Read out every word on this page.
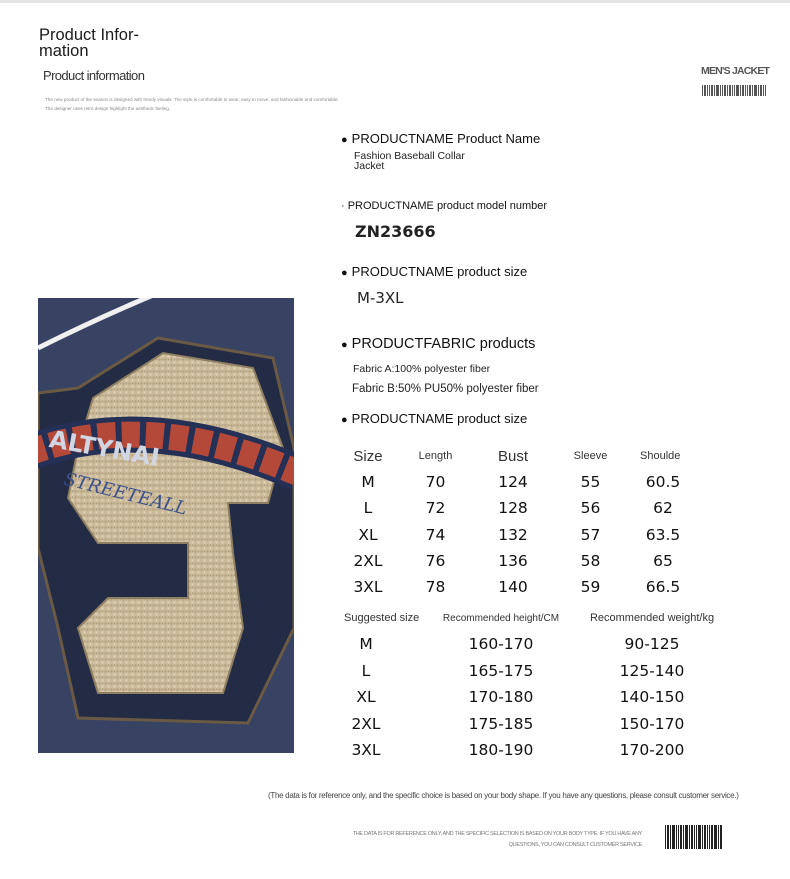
Product Infor-mation
Product information
The new product of the season is designed with trendy visuals. The style is comfortable to wear, easy to move, and fashionable and comfortable. The designer uses retro design highlight the aesthetic feeling.
MEN'S JACKET
ALTYNAI
STREETEALL
● PRODUCTNAME Product Name
Fashion Baseball Collar Jacket
· PRODUCTNAME product model number
ZN23666
● PRODUCTNAME product size
M-3XL
● PRODUCTFABRIC products
Fabric A:100% polyester fiber
Fabric B:50% PU50% polyester fiber
● PRODUCTNAME product size
Size	Length	Bust	Sleeve	Shoulde
M	70	124	55	60.5
L	72	128	56	62
XL	74	132	57	63.5
2XL	76	136	58	65
3XL	78	140	59	66.5
Suggested size	Recommended height/CM	Recommended weight/kg
M	160-170	90-125
L	165-175	125-140
XL	170-180	140-150
2XL	175-185	150-170
3XL	180-190	170-200
(The data is for reference only, and the specific choice is based on your body shape. If you have any questions, please consult customer service.)
THE DATA IS FOR REFERENCE ONLY, AND THE SPECIFIC SELECTION IS BASED ON YOUR BODY TYPE. IF YOU HAVE ANY QUESTIONS, YOU CAN CONSULT CUSTOMER SERVICE
